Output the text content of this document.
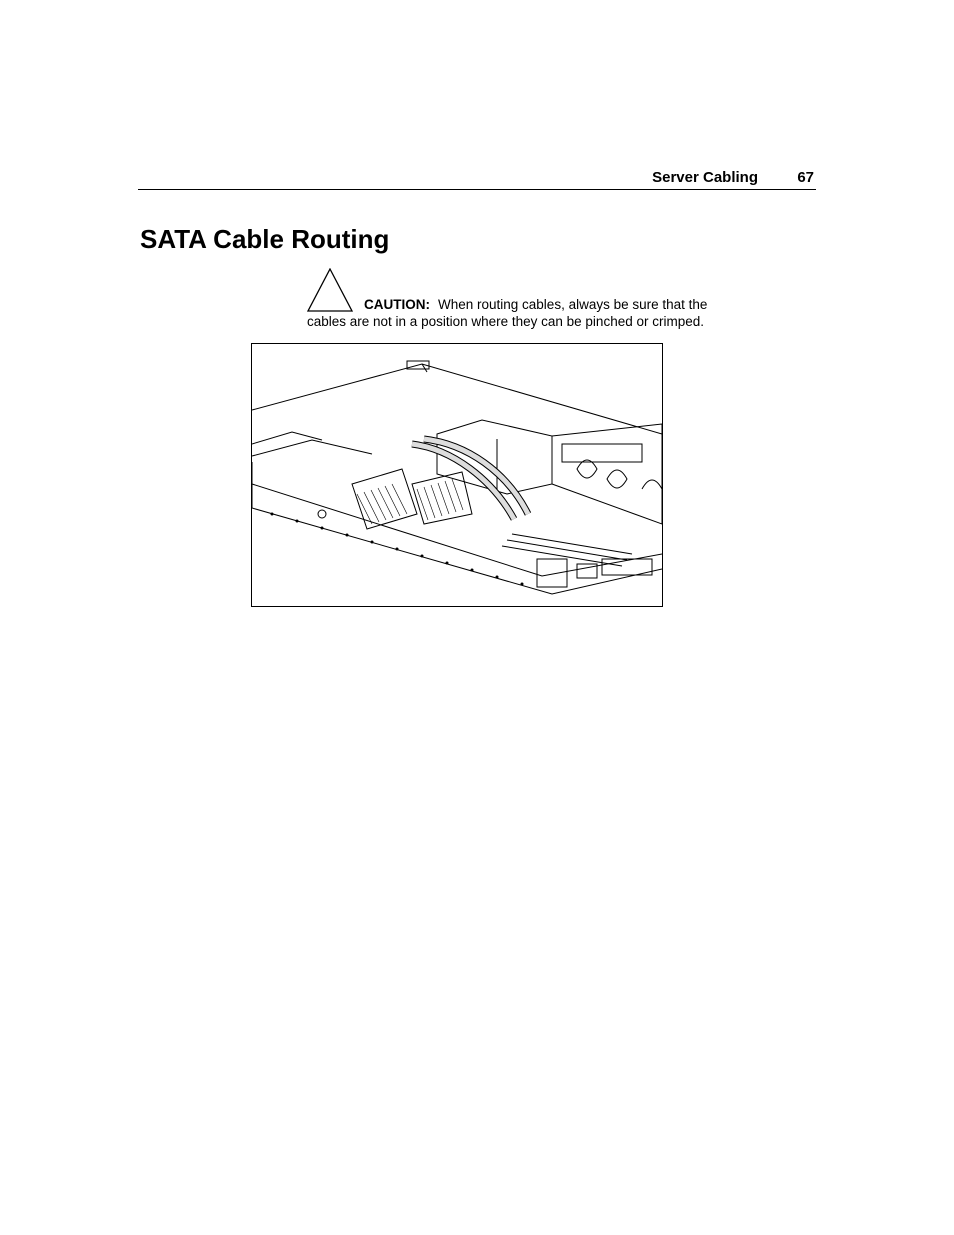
Server Cabling	67
SATA Cable Routing
CAUTION: When routing cables, always be sure that the
cables are not in a position where they can be pinched or crimped.
